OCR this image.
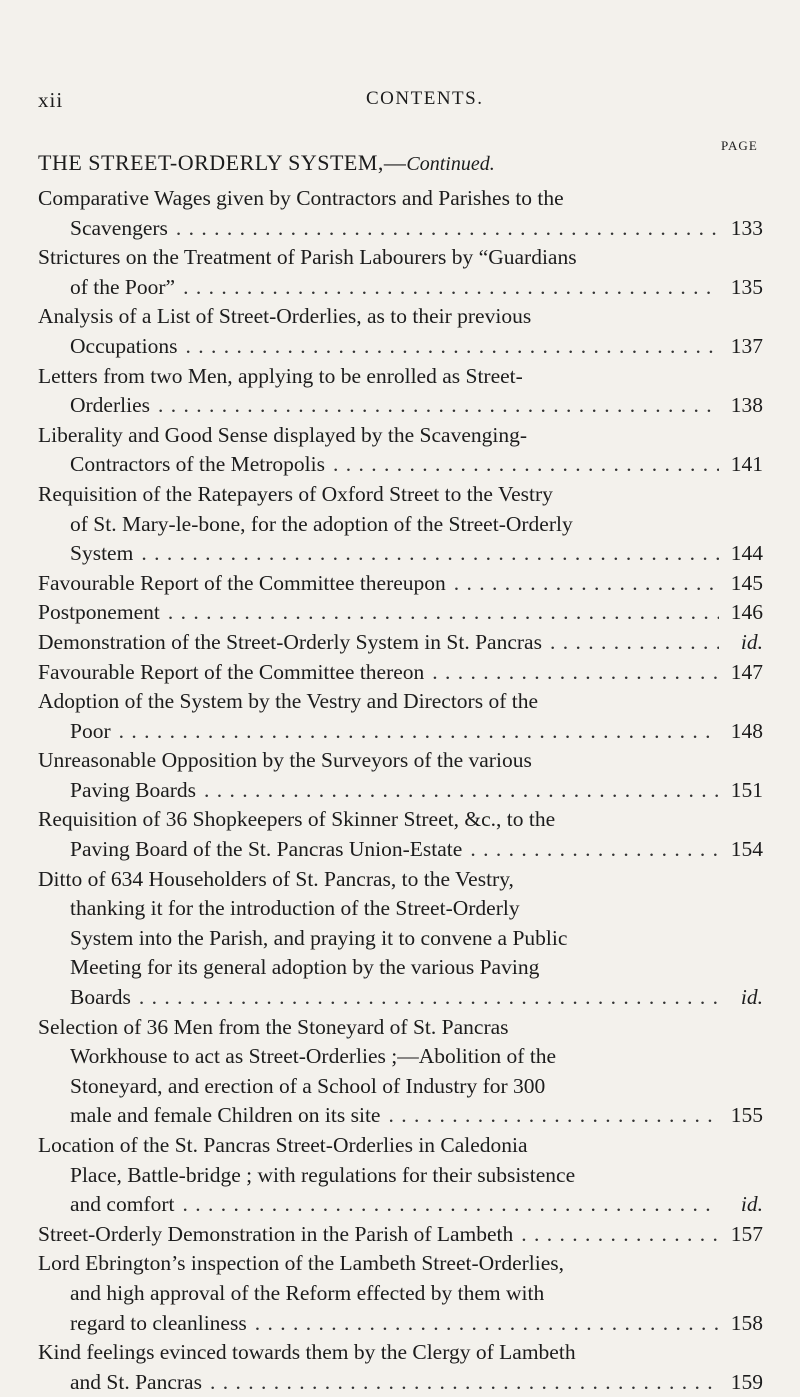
xii	CONTENTS.
PAGE
THE STREET-ORDERLY SYSTEM,—Continued.
Comparative Wages given by Contractors and Parishes to the
Scavengers . . .	133
Strictures on the Treatment of Parish Labourers by “Guardians
of the Poor” . . .	135
Analysis of a List of Street-Orderlies, as to their previous
Occupations . . .	137
Letters from two Men, applying to be enrolled as Street-
Orderlies . . .	138
Liberality and Good Sense displayed by the Scavenging-
Contractors of the Metropolis . . .	141
Requisition of the Ratepayers of Oxford Street to the Vestry
of St. Mary-le-bone, for the adoption of the Street-Orderly
System . . .	144
Favourable Report of the Committee thereupon . . .	145
Postponement . . .	146
Demonstration of the Street-Orderly System in St. Pancras . . .	id.
Favourable Report of the Committee thereon . . .	147
Adoption of the System by the Vestry and Directors of the
Poor . . .	148
Unreasonable Opposition by the Surveyors of the various
Paving Boards . . .	151
Requisition of 36 Shopkeepers of Skinner Street, &c., to the
Paving Board of the St. Pancras Union-Estate . . .	154
Ditto of 634 Householders of St. Pancras, to the Vestry,
thanking it for the introduction of the Street-Orderly
System into the Parish, and praying it to convene a Public
Meeting for its general adoption by the various Paving
Boards . . .	id.
Selection of 36 Men from the Stoneyard of St. Pancras
Workhouse to act as Street-Orderlies ;—Abolition of the
Stoneyard, and erection of a School of Industry for 300
male and female Children on its site . . .	155
Location of the St. Pancras Street-Orderlies in Caledonia
Place, Battle-bridge ; with regulations for their subsistence
and comfort . . .	id.
Street-Orderly Demonstration in the Parish of Lambeth . . .	157
Lord Ebrington’s inspection of the Lambeth Street-Orderlies,
and high approval of the Reform effected by them with
regard to cleanliness . . .	158
Kind feelings evinced towards them by the Clergy of Lambeth
and St. Pancras . . .	159
